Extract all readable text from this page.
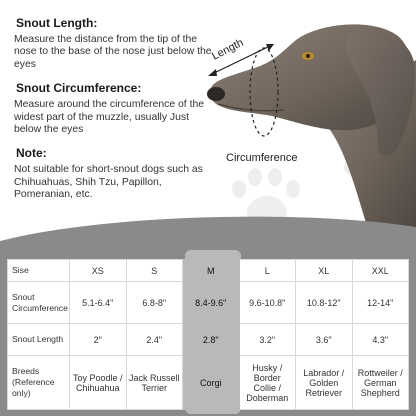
Snout Length:
Measure the distance from the tip of the nose to the base of the nose just below the eyes
Snout Circumference:
Measure around the circumference of the widest part of the muzzle, usually Just below the eyes
Note:
Not suitable for short-snout dogs such as Chihuahuas, Shih Tzu, Papillon, Pomeranian, etc.
Length
Circumference
Sise	XS	S	M	L	XL	XXL
Snout Circumference	5.1-6.4"	6.8-8"	8.4-9.6"	9.6-10.8"	10.8-12"	12-14"
Snout Length	2"	2.4"	2.8"	3.2"	3.6"	4.3"
Breeds (Reference only)	Toy Poodle / Chihuahua	Jack Russell Terrier	Corgi	Husky / Border Collie / Doberman	Labrador / Golden Retriever	Rottweiler / German Shepherd
